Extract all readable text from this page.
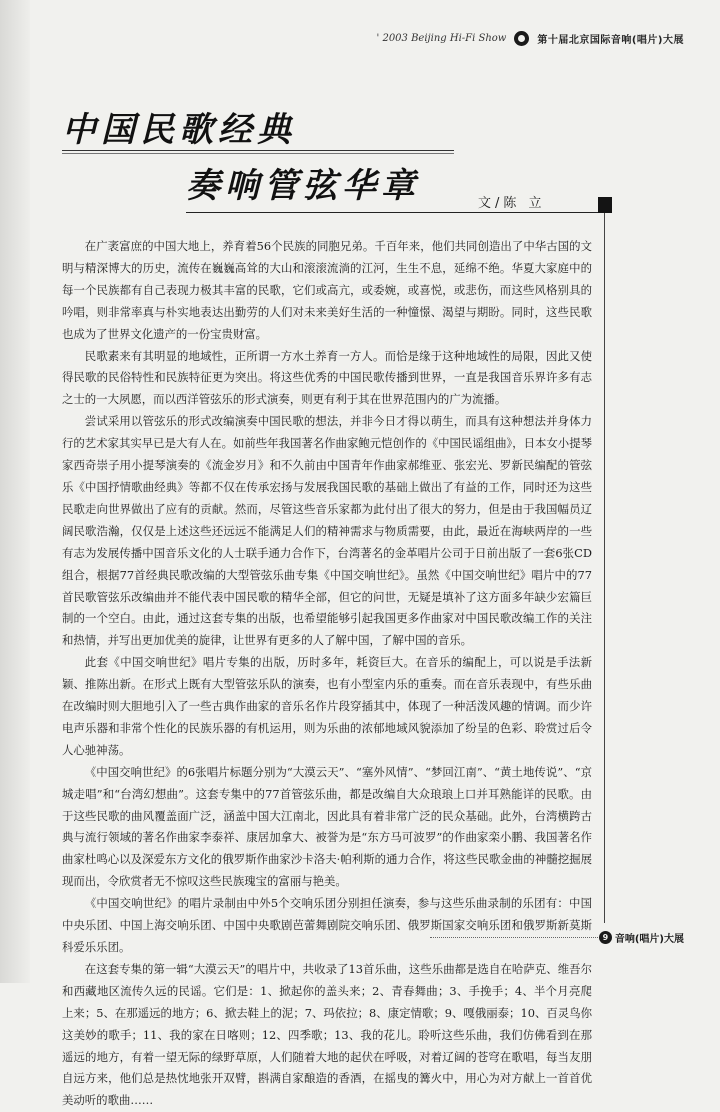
' 2003 Beijing Hi-Fi Show	第十届北京国际音响(唱片)大展
中国民歌经典
奏响管弦华章	文/陈 立

在广袤富庶的中国大地上，养育着56个民族的同胞兄弟。千百年来，他们共同创造出了中华古国的文明与精深博大的历史，流传在巍巍高耸的大山和滚滚流淌的江河，生生不息，延绵不绝。华夏大家庭中的每一个民族都有自己表现力极其丰富的民歌，它们或高亢，或委婉，或喜悦，或悲伤，而这些风格别具的吟唱，则非常率真与朴实地表达出勤劳的人们对未来美好生活的一种憧憬、渴望与期盼。同时，这些民歌也成为了世界文化遗产的一份宝贵财富。

民歌素来有其明显的地域性，正所谓一方水土养育一方人。而恰是缘于这种地域性的局限，因此又使得民歌的民俗特性和民族特征更为突出。将这些优秀的中国民歌传播到世界，一直是我国音乐界许多有志之士的一大夙愿，而以西洋管弦乐的形式演奏，则更有利于其在世界范围内的广为流播。

尝试采用以管弦乐的形式改编演奏中国民歌的想法，并非今日才得以萌生，而具有这种想法并身体力行的艺术家其实早已是大有人在。如前些年我国著名作曲家鲍元恺创作的《中国民谣组曲》，日本女小提琴家西奇崇子用小提琴演奏的《流金岁月》和不久前由中国青年作曲家郝维亚、张宏光、罗新民编配的管弦乐《中国抒情歌曲经典》等都不仅在传承宏扬与发展我国民歌的基础上做出了有益的工作，同时还为这些民歌走向世界做出了应有的贡献。然而，尽管这些音乐家都为此付出了很大的努力，但是由于我国幅员辽阔民歌浩瀚，仅仅是上述这些还远远不能满足人们的精神需求与物质需要，由此，最近在海峡两岸的一些有志为发展传播中国音乐文化的人士联手通力合作下，台湾著名的金革唱片公司于日前出版了一套6张CD组合，根据77首经典民歌改编的大型管弦乐曲专集《中国交响世纪》。虽然《中国交响世纪》唱片中的77首民歌管弦乐改编曲并不能代表中国民歌的精华全部，但它的问世，无疑是填补了这方面多年缺少宏篇巨制的一个空白。由此，通过这套专集的出版，也希望能够引起我国更多作曲家对中国民歌改编工作的关注和热情，并写出更加优美的旋律，让世界有更多的人了解中国，了解中国的音乐。

此套《中国交响世纪》唱片专集的出版，历时多年，耗资巨大。在音乐的编配上，可以说是手法新颖、推陈出新。在形式上既有大型管弦乐队的演奏，也有小型室内乐的重奏。而在音乐表现中，有些乐曲在改编时则大胆地引入了一些古典作曲家的音乐名作片段穿插其中，体现了一种活泼风趣的情调。而少许电声乐器和非常个性化的民族乐器的有机运用，则为乐曲的浓郁地域风貌添加了纷呈的色彩、聆赏过后令人心驰神荡。

《中国交响世纪》的6张唱片标题分别为“大漠云天”、“塞外风情”、“梦回江南”、“黄土地传说”、“京城走唱”和“台湾幻想曲”。这套专集中的77首管弦乐曲，都是改编自大众琅琅上口并耳熟能详的民歌。由于这些民歌的曲风覆盖面广泛，涵盖中国大江南北，因此具有着非常广泛的民众基础。此外，台湾横跨古典与流行领域的著名作曲家李泰祥、康居加拿大、被誉为是“东方马可波罗”的作曲家栾小鹏、我国著名作曲家杜鸣心以及深爱东方文化的俄罗斯作曲家沙卡洛夫·帕利斯的通力合作，将这些民歌金曲的神髓挖掘展现而出，令欣赏者无不惊叹这些民族瑰宝的富丽与艳美。

《中国交响世纪》的唱片录制由中外5个交响乐团分别担任演奏，参与这些乐曲录制的乐团有：中国中央乐团、中国上海交响乐团、中国中央歌剧芭蕾舞剧院交响乐团、俄罗斯国家交响乐团和俄罗斯新莫斯科爱乐乐团。

在这套专集的第一辑“大漠云天”的唱片中，共收录了13首乐曲，这些乐曲都是选自在哈萨克、维吾尔和西藏地区流传久远的民谣。它们是：1、掀起你的盖头来；2、青春舞曲；3、手挽手；4、半个月亮爬上来；5、在那遥远的地方；6、掀去鞋上的泥；7、玛依拉；8、康定情歌；9、嘎俄丽泰；10、百灵鸟你这美妙的歌手；11、我的家在日喀则；12、四季歌；13、我的花儿。聆听这些乐曲，我们仿佛看到在那遥远的地方，有着一望无际的绿野草原，人们随着大地的起伏在呼吸，对着辽阔的苍穹在歌唱，每当友朋自远方来，他们总是热忱地张开双臂，斟满自家酿造的香酒，在摇曳的篝火中，用心为对方献上一首首优美动听的歌曲……

9 音响(唱片)大展
